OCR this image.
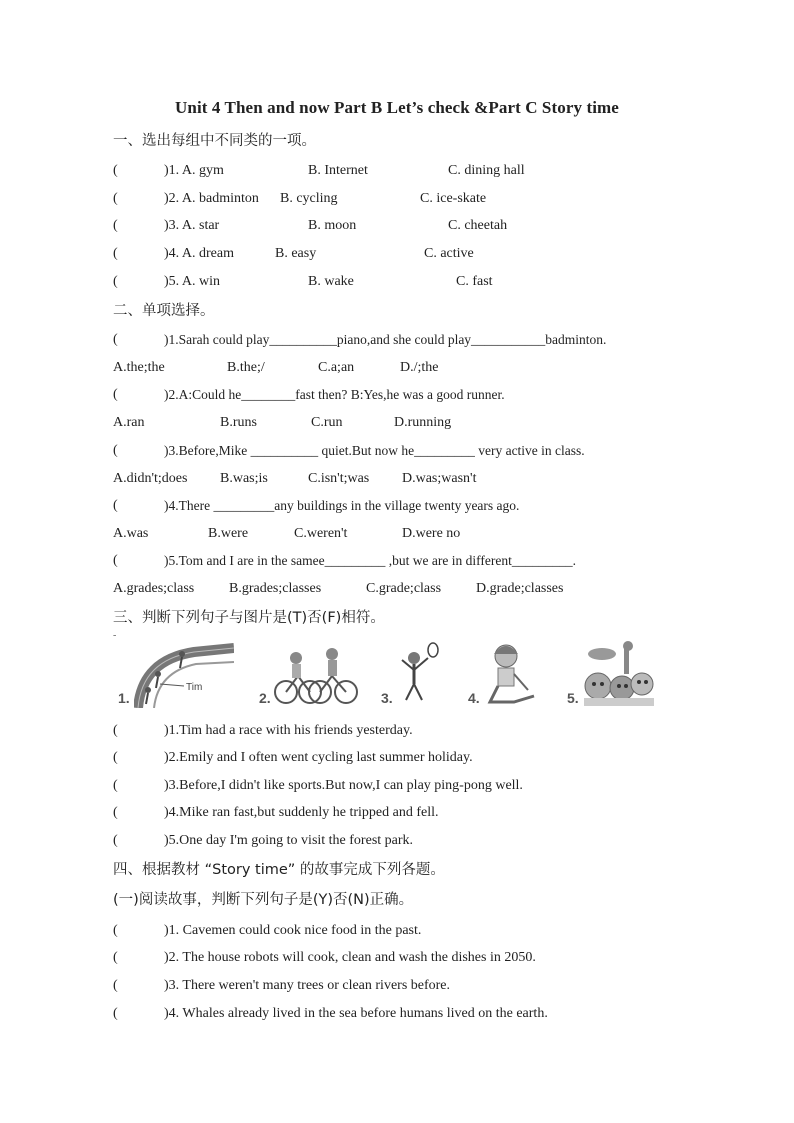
Unit 4 Then and now Part B Let’s check &Part C Story time
一、选出每组中不同类的一项。
(	)1. A. gym	B. Internet	C. dining hall
(	)2. A. badminton B. cycling	C. ice-skate
(	)3. A. star	B. moon	C. cheetah
(	)4. A. dream	B. easy	C. active
(	)5. A. win	B. wake	C. fast
二、单项选择。
(	)1.Sarah could play__________piano,and she could play___________badminton.
A.the;the	B.the;/	C.a;an	D./;the
(	)2.A:Could he________fast then? B:Yes,he was a good runner.
A.ran	B.runs	C.run	D.running
(	)3.Before,Mike __________ quiet.But now he_________ very active in class.
A.didn't;does B.was;is	C.isn't;was D.was;wasn't
(	)4.There _________any buildings in the village twenty years ago.
A.was	B.were	C.weren't	D.were no
(	)5.Tom and I are in the samee_________ ,but we are in different_________.
A.grades;class B.grades;classes	C.grade;class D.grade;classes
三、判断下列句子与图片是(T)否(F)相符。
-
1.
Tim
2.	3.	4.	5.
(	)1.Tim had a race with his friends yesterday.
(	)2.Emily and I often went cycling last summer holiday.
(	)3.Before,I didn't like sports.But now,I can play ping-pong well.
(	)4.Mike ran fast,but suddenly he tripped and fell.
(	)5.One day I'm going to visit the forest park.
四、根据教材 “Story time” 的故事完成下列各题。
(一)阅读故事，判断下列句子是(Y)否(N)正确。
(	)1. Cavemen could cook nice food in the past.
(	)2. The house robots will cook, clean and wash the dishes in 2050.
(	)3. There weren't many trees or clean rivers before.
(	)4. Whales already lived in the sea before humans lived on the earth.
